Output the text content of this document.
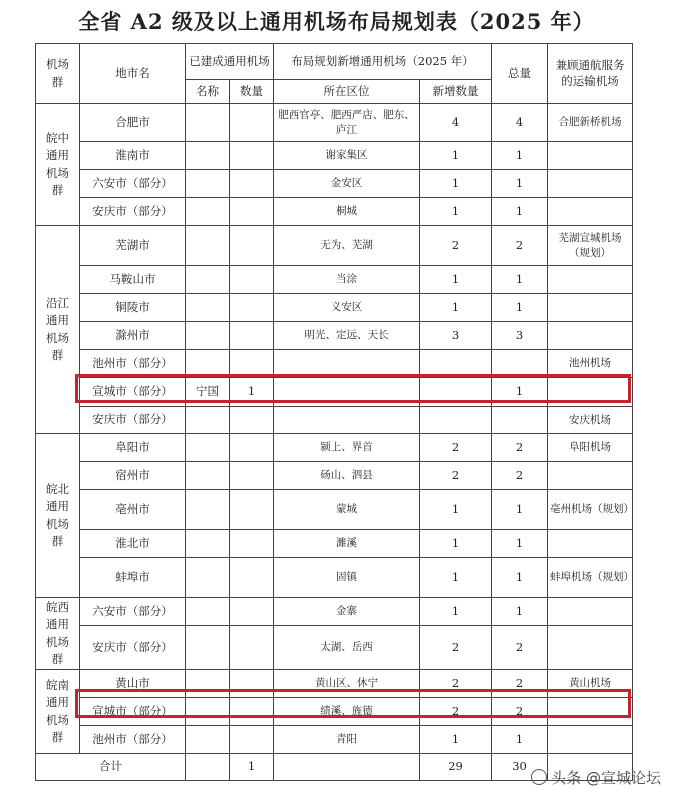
全省 A2 级及以上通用机场布局规划表（2025 年）
机场群	地市名	已建成通用机场		布局规划新增通用机场（2025 年）		总量	兼顾通航服务的运输机场
		名称	数量	所在区位	新增数量		

皖中通用机场群	合肥市			肥西官亭、肥西严店、肥东、庐江	4	4	合肥新桥机场
	淮南市			谢家集区	1	1	
	六安市（部分）			金安区	1	1	
	安庆市（部分）			桐城	1	1	

沿江通用机场群	芜湖市			无为、芜湖	2	2	芜湖宣城机场（规划）
	马鞍山市			当涂	1	1	
	铜陵市			义安区	1	1	
	滁州市			明光、定远、天长	3	3	
	池州市（部分）						池州机场
	宣城市（部分）	宁国	1			1	
	安庆市（部分）						安庆机场

皖北通用机场群	阜阳市			颍上、界首	2	2	阜阳机场
	宿州市			砀山、泗县	2	2	
	亳州市			蒙城	1	1	亳州机场（规划）
	淮北市			濉溪	1	1	
	蚌埠市			固镇	1	1	蚌埠机场（规划）

皖西通用机场群	六安市（部分）			金寨	1	1	
	安庆市（部分）			太湖、岳西	2	2	

皖南通用机场群	黄山市			黄山区、休宁	2	2	黄山机场
	宣城市（部分）			绩溪、旌德	2	2	
	池州市（部分）			青阳	1	1	
合计			1		29	30	
头条 @宣城论坛
